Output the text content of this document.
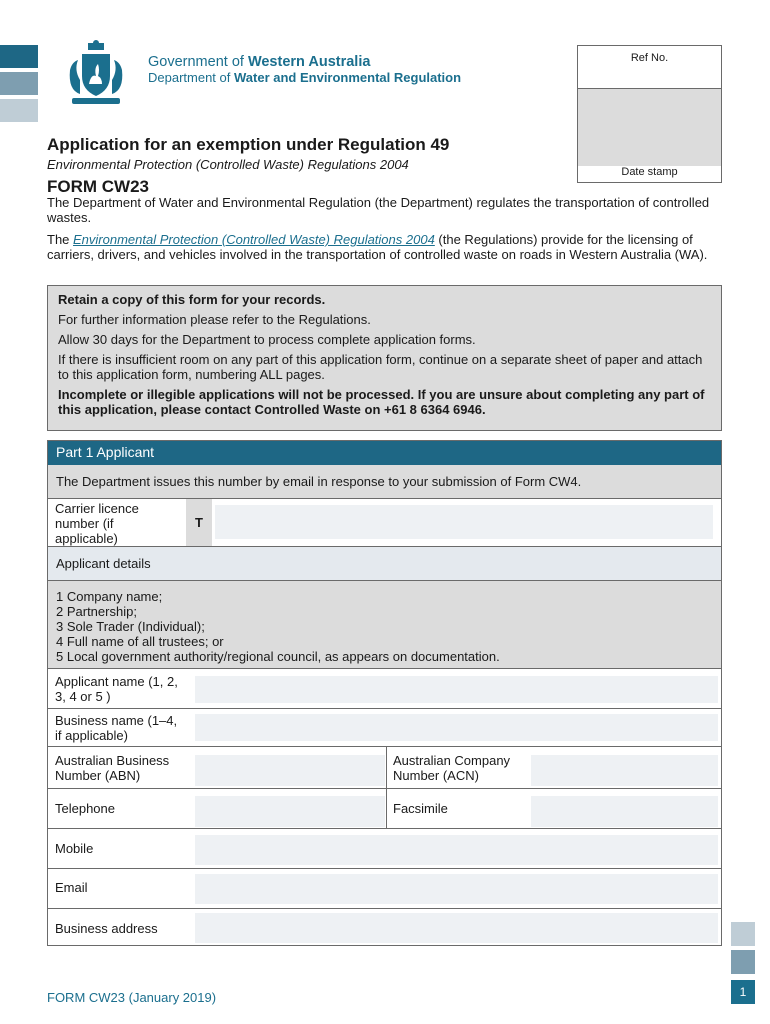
Government of Western Australia
Department of Water and Environmental Regulation
Ref No.
Date stamp
Application for an exemption under Regulation 49
Environmental Protection (Controlled Waste) Regulations 2004
FORM CW23
The Department of Water and Environmental Regulation (the Department) regulates the transportation of controlled wastes.
The Environmental Protection (Controlled Waste) Regulations 2004 (the Regulations) provide for the licensing of carriers, drivers, and vehicles involved in the transportation of controlled waste on roads in Western Australia (WA).

Retain a copy of this form for your records.

For further information please refer to the Regulations.

Allow 30 days for the Department to process complete application forms.

If there is insufficient room on any part of this application form, continue on a separate sheet of paper and attach to this application form, numbering ALL pages.

Incomplete or illegible applications will not be processed. If you are unsure about completing any part of this application, please contact Controlled Waste on +61 8 6364 6946.

Part 1 Applicant
The Department issues this number by email in response to your submission of Form CW4.
Carrier licence number (if applicable)
T
Applicant details
1 Company name;
2 Partnership;
3 Sole Trader (Individual);
4 Full name of all trustees; or
5 Local government authority/regional council, as appears on documentation.
Applicant name (1, 2, 3, 4 or 5 )
Business name (1–4, if applicable)
Australian Business Number (ABN)
Australian Company Number (ACN)
Telephone	Facsimile
Mobile
Email
Business address
1
FORM CW23 (January 2019)
